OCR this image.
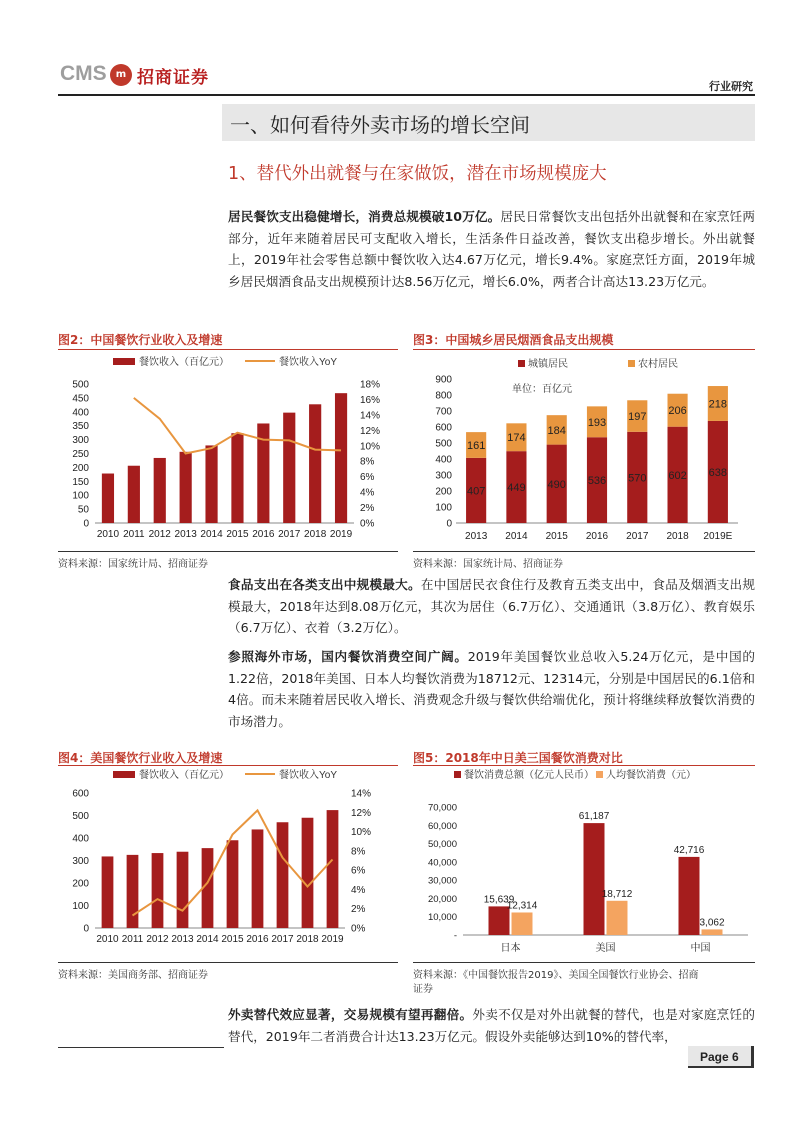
CMS m 招商证券	行业研究
一、如何看待外卖市场的增长空间
1、替代外出就餐与在家做饭，潜在市场规模庞大
居民餐饮支出稳健增长，消费总规模破10万亿。居民日常餐饮支出包括外出就餐和在家烹饪两部分，近年来随着居民可支配收入增长，生活条件日益改善，餐饮支出稳步增长。外出就餐上，2019年社会零售总额中餐饮收入达4.67万亿元，增长9.4%。家庭烹饪方面，2019年城乡居民烟酒食品支出规模预计达8.56万亿元，增长6.0%，两者合计高达13.23万亿元。
图2：中国餐饮行业收入及增速
餐饮收入（百亿元）	餐饮收入YoY
0
50
100
150
200
250
300
350
400
450
500
0%
2%
4%
6%
8%
10%
12%
14%
16%
18%
2010 2011 2012 2013 2014 2015 2016 2017 2018 2019
资料来源：国家统计局、招商证券
图3：中国城乡居民烟酒食品支出规模
城镇居民	农村居民
单位：百亿元
0
100
200
300
400
500
600
700
800
900
407
161
2013
449
174
2014
490
184
2015
536
193
2016
570
197
2017
602
206
2018
638
218
2019E
资料来源：国家统计局、招商证券
食品支出在各类支出中规模最大。在中国居民衣食住行及教育五类支出中，食品及烟酒支出规模最大，2018年达到8.08万亿元，其次为居住（6.7万亿）、交通通讯（3.8万亿）、教育娱乐（6.7万亿）、衣着（3.2万亿）。
参照海外市场，国内餐饮消费空间广阔。2019年美国餐饮业总收入5.24万亿元，是中国的1.22倍，2018年美国、日本人均餐饮消费为18712元、12314元，分别是中国居民的6.1倍和4倍。而未来随着居民收入增长、消费观念升级与餐饮供给端优化，预计将继续释放餐饮消费的市场潜力。
图4：美国餐饮行业收入及增速
餐饮收入（百亿元）	餐饮收入YoY
0
100
200
300
400
500
600
0%
2%
4%
6%
8%
10%
12%
14%
2010 2011 2012 2013 2014 2015 2016 2017 2018 2019
资料来源：美国商务部、招商证券
图5：2018年中日美三国餐饮消费对比
餐饮消费总额（亿元人民币） 人均餐饮消费（元）
-
10,000
20,000
30,000
40,000
50,000
60,000
70,000
15,639
12,314
日本
61,187
18,712
美国
42,716
3,062
中国
资料来源：《中国餐饮报告2019》、美国全国餐饮行业协会、招商
证券
外卖替代效应显著，交易规模有望再翻倍。外卖不仅是对外出就餐的替代，也是对家庭烹饪的替代，2019年二者消费合计达13.23万亿元。假设外卖能够达到10%的替代率，
Page 6
